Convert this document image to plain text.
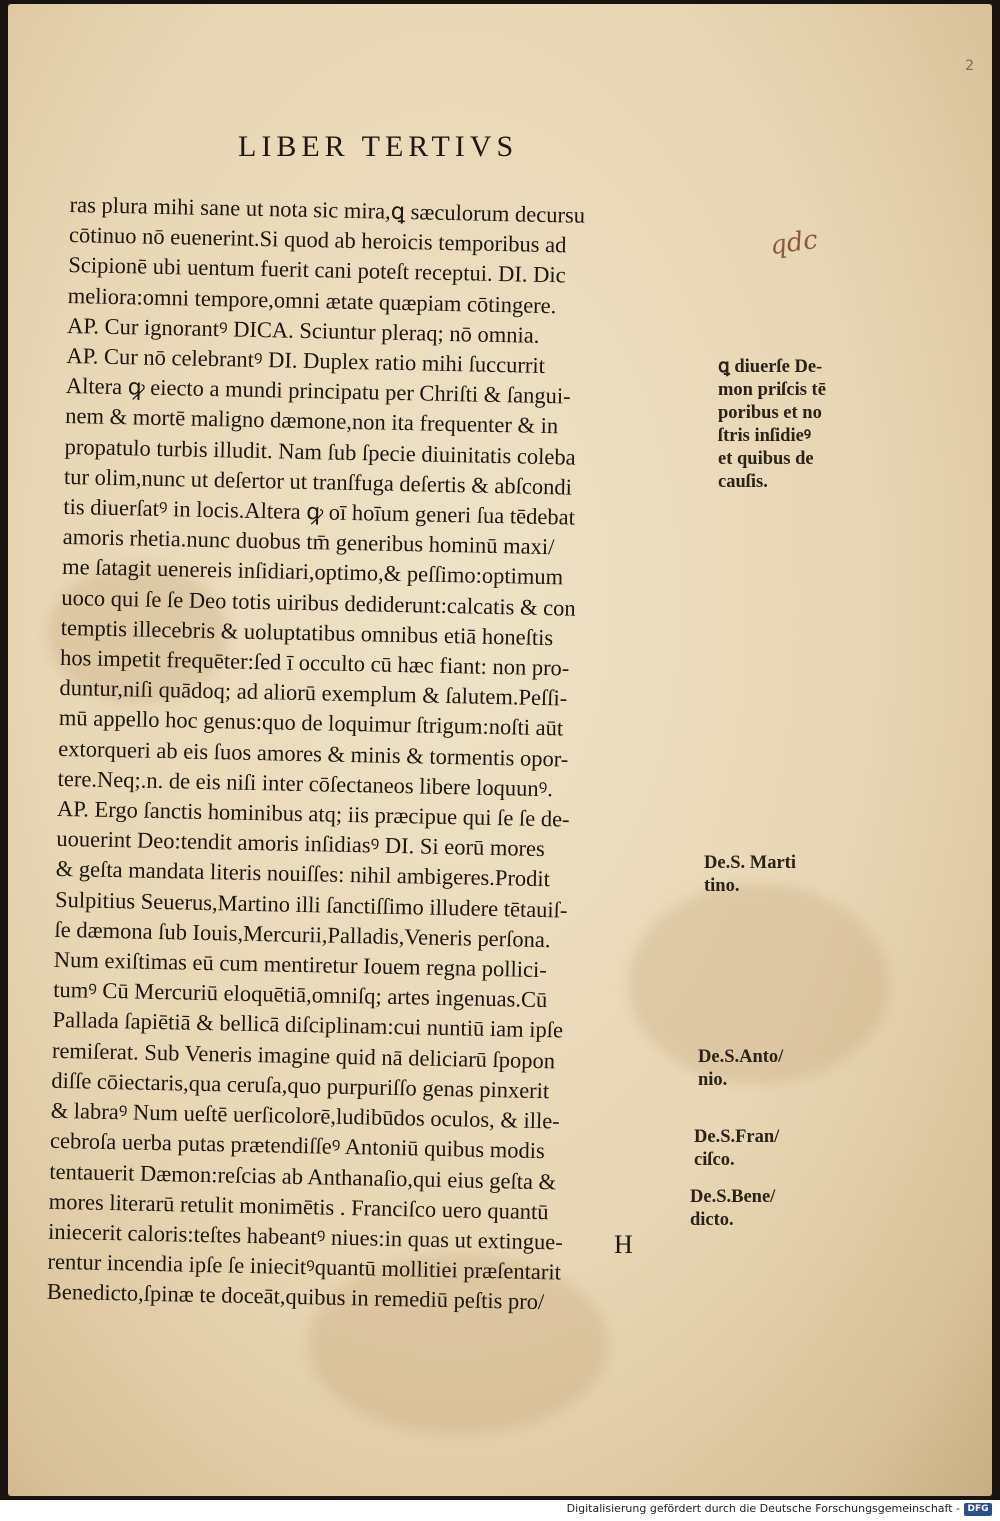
2
LIBER TERTIVS
qdc
ras plura mihi sane ut nota sic mira,ꝗ sæculorum decursu
cōtinuo nō euenerint.Si quod ab heroicis temporibus ad
Scipionē ubi uentum fuerit cani poteſt receptui. DI. Dic
meliora:omni tempore,omni ætate quæpiam cōtingere.
AP. Cur ignorantꝰ DICA. Sciuntur pleraq; nō omnia.
AP. Cur nō celebrantꝰ DI. Duplex ratio mihi ſuccurrit
Altera ꝙ eiecto a mundi principatu per Chriſti & ſangui-
nem & mortē maligno dæmone,non ita frequenter & in
propatulo turbis illudit. Nam ſub ſpecie diuinitatis coleba
tur olim,nunc ut deſertor ut tranſfuga deſertis & abſcondi
tis diuerſatꝰ in locis.Altera ꝙ oī hoīum generi ſua tēdebat
amoris rhetia.nunc duobus tm̄ generibus hominū maxi/
me ſatagit uenereis inſidiari,optimo,& peſſimo:optimum
uoco qui ſe ſe Deo totis uiribus dediderunt:calcatis & con
temptis illecebris & uoluptatibus omnibus etiā honeſtis
hos impetit frequēter:ſed ī occulto cū hæc fiant: non pro-
duntur,niſi quādoq; ad aliorū exemplum & ſalutem.Peſſi-
mū appello hoc genus:quo de loquimur ſtrigum:noſti aūt
extorqueri ab eis ſuos amores & minis & tormentis opor-
tere.Neq;.n. de eis niſi inter cōſectaneos libere loquunꝰ.
AP. Ergo ſanctis hominibus atq; iis præcipue qui ſe ſe de-
uouerint Deo:tendit amoris inſidiasꝰ DI. Si eorū mores
& geſta mandata literis nouiſſes: nihil ambigeres.Prodit
Sulpitius Seuerus,Martino illi ſanctiſſimo illudere tētauiſ-
ſe dæmona ſub Iouis,Mercurii,Palladis,Veneris perſona.
Num exiſtimas eū cum mentiretur Iouem regna pollici-
tumꝰ Cū Mercuriū eloquētiā,omniſq; artes ingenuas.Cū
Pallada ſapiētiā & bellicā diſciplinam:cui nuntiū iam ipſe
remiſerat. Sub Veneris imagine quid nā deliciarū ſpopon
diſſe cōiectaris,qua ceruſa,quo purpuriſſo genas pinxerit
& labraꝰ Num ueſtē uerſicolorē,ludibūdos oculos, & ille-
cebroſa uerba putas prætendiſſeꝰ Antoniū quibus modis
tentauerit Dæmon:reſcias ab Anthanaſio,qui eius geſta &
mores literarū retulit monimētis . Franciſco uero quantū
iniecerit caloris:teſtes habeantꝰ niues:in quas ut extingue-
rentur incendia ipſe ſe iniecitꝰquantū mollitiei præſentarit
Benedicto,ſpinæ te doceāt,quibus in remediū peſtis pro/
ꝗ diuerſe De-
mon priſcis tē
poribus et no
ſtris inſidieꝰ
et quibus de
cauſis.
De.S. Marti
tino.
De.S.Anto/
nio.
De.S.Fran/
ciſco.
De.S.Bene/
dicto.
H
Digitalisierung gefördert durch die Deutsche Forschungsgemeinschaft - DFG
